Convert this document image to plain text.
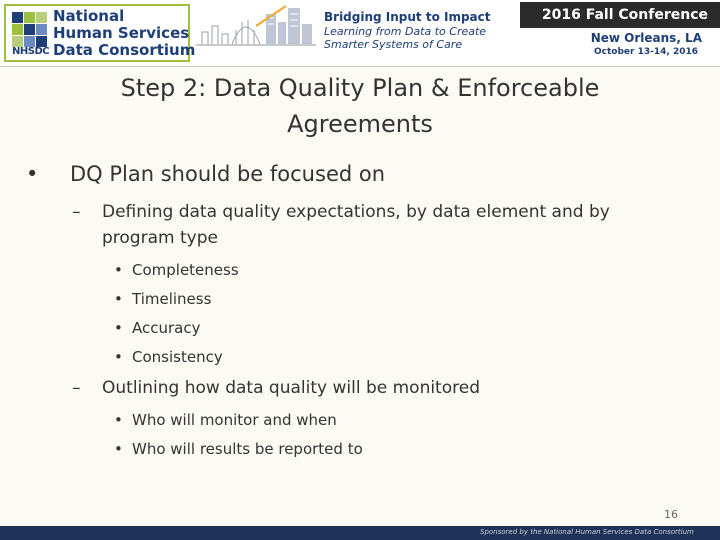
NHSDC
National
Human Services
Data Consortium
Bridging Input to Impact
Learning from Data to Create
Smarter Systems of Care
2016 Fall Conference
New Orleans, LA
October 13-14, 2016
Step 2: Data Quality Plan & Enforceable Agreements
• DQ Plan should be focused on
– Defining data quality expectations, by data element and by program type
• Completeness
• Timeliness
• Accuracy
• Consistency
– Outlining how data quality will be monitored
• Who will monitor and when
• Who will results be reported to
16
Sponsored by the National Human Services Data Consortium
